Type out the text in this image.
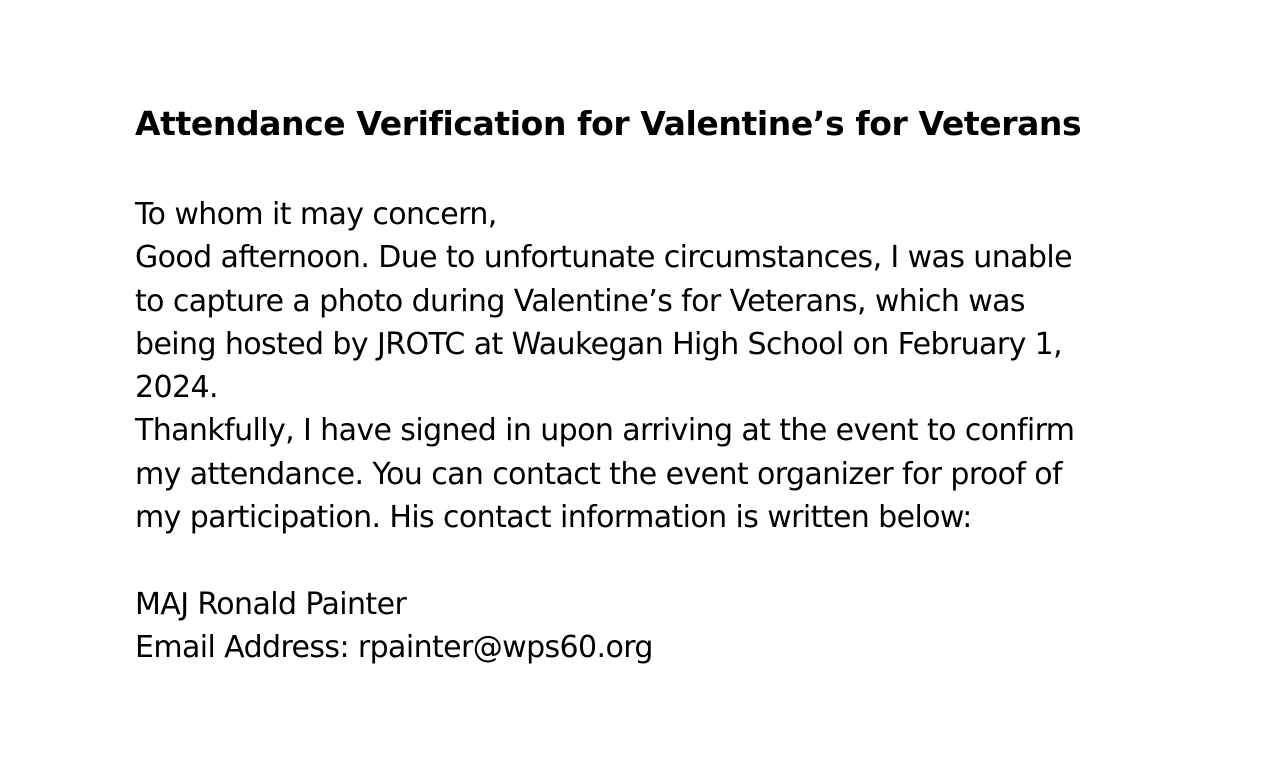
Attendance Verification for Valentine’s for Veterans
To whom it may concern,
Good afternoon. Due to unfortunate circumstances, I was unable
to capture a photo during Valentine’s for Veterans, which was
being hosted by JROTC at Waukegan High School on February 1,
2024.
Thankfully, I have signed in upon arriving at the event to confirm
my attendance. You can contact the event organizer for proof of
my participation. His contact information is written below:
MAJ Ronald Painter
Email Address: rpainter@wps60.org
